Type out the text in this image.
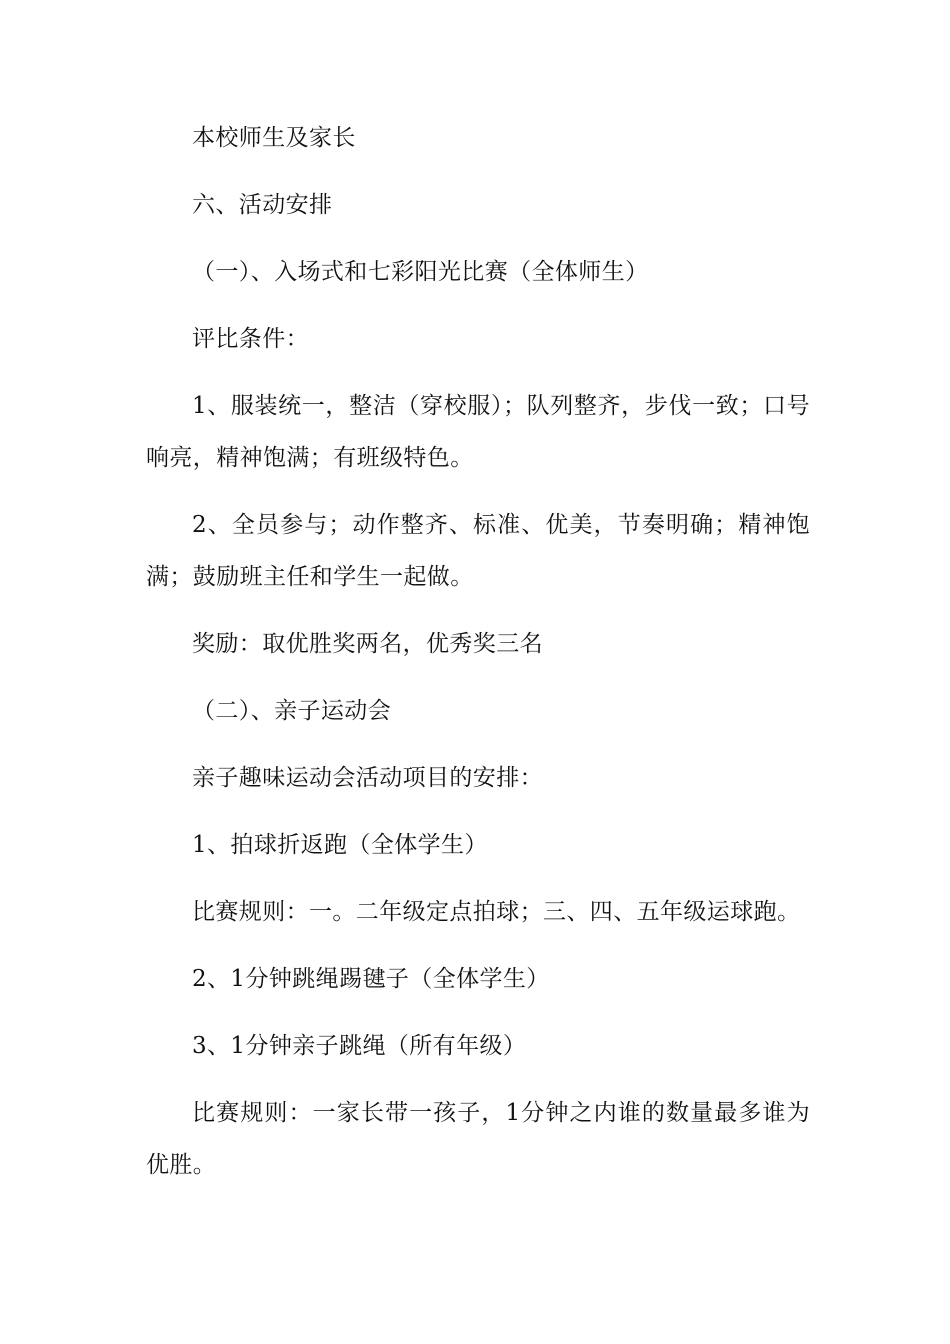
本校师生及家长

六、活动安排

（一）、入场式和七彩阳光比赛（全体师生）

评比条件：

1、服装统一，整洁（穿校服）；队列整齐，步伐一致；口号响亮，精神饱满；有班级特色。

2、全员参与；动作整齐、标准、优美，节奏明确；精神饱满；鼓励班主任和学生一起做。

奖励：取优胜奖两名，优秀奖三名

（二）、亲子运动会

亲子趣味运动会活动项目的安排：

1、拍球折返跑（全体学生）

比赛规则：一。二年级定点拍球；三、四、五年级运球跑。

2、1分钟跳绳踢毽子（全体学生）

3、1分钟亲子跳绳（所有年级）

比赛规则：一家长带一孩子，1分钟之内谁的数量最多谁为优胜。
